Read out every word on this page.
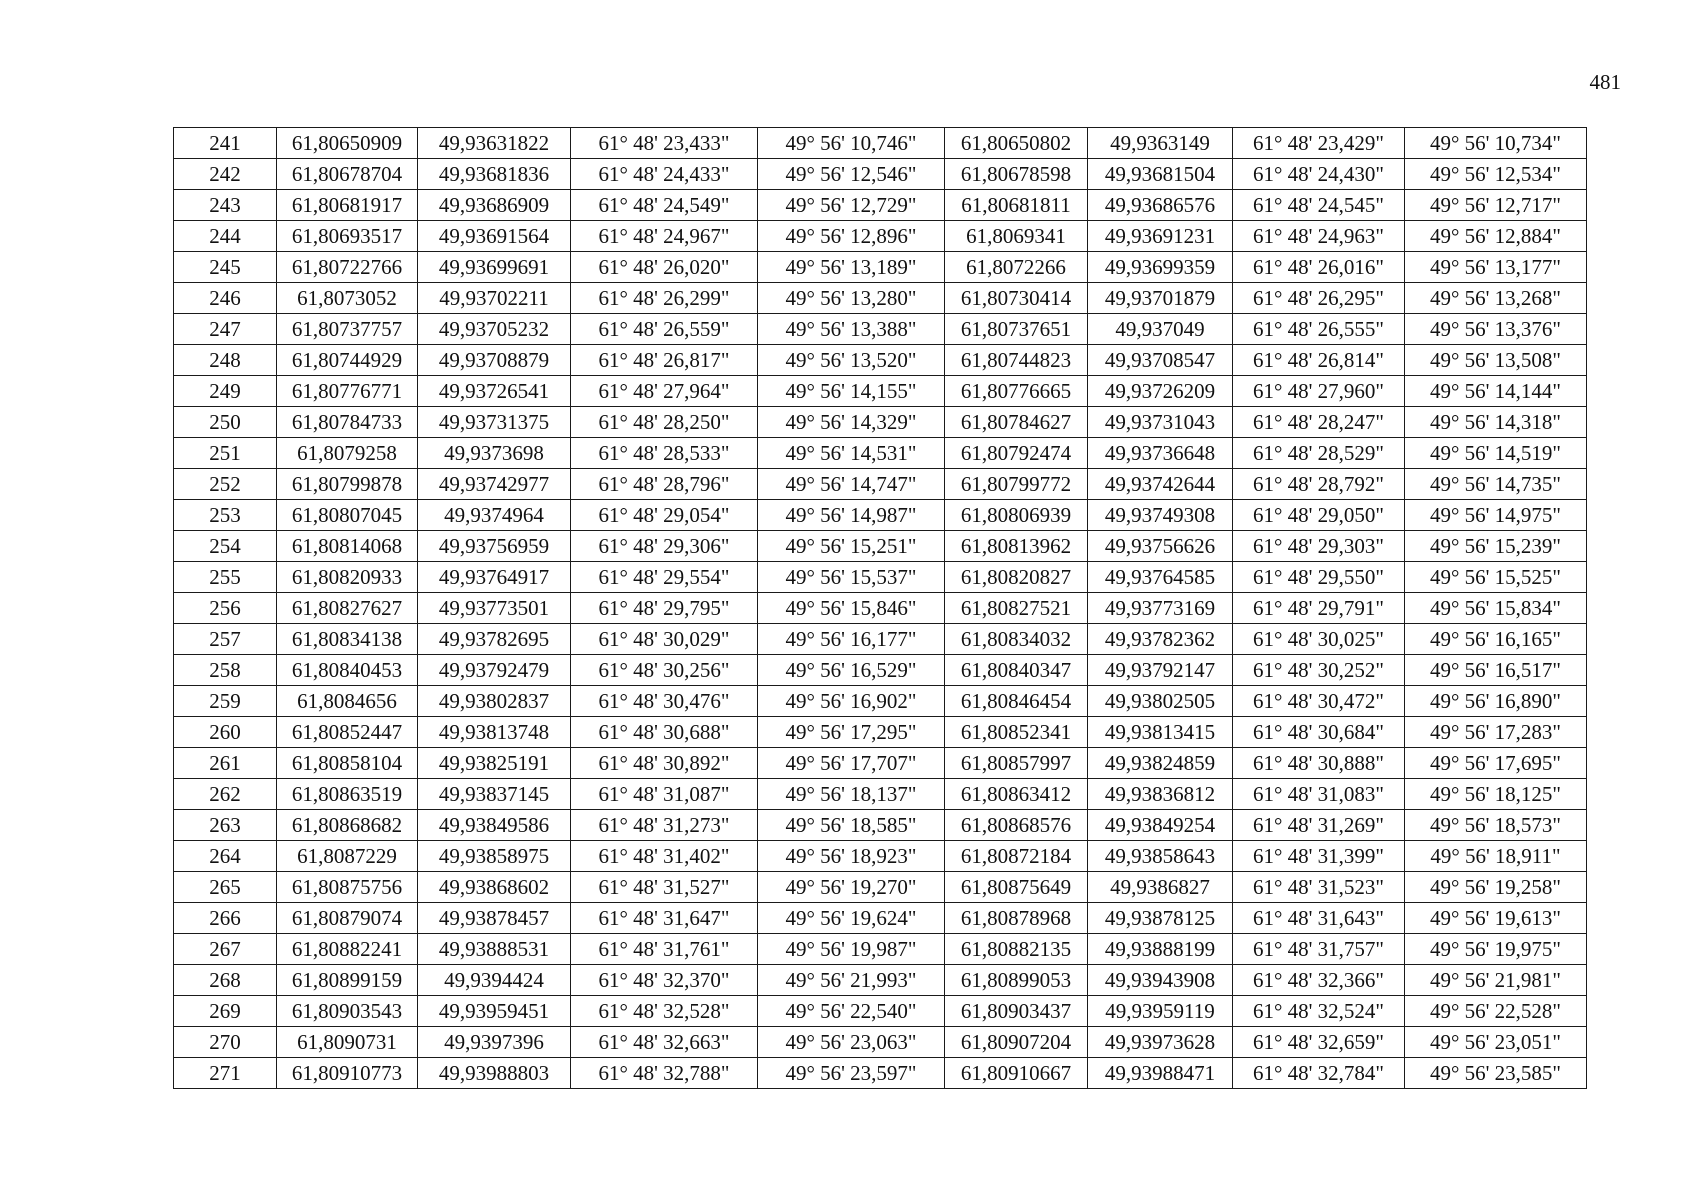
481
241	61,80650909	49,93631822	61° 48' 23,433"	49° 56' 10,746"	61,80650802	49,9363149	61° 48' 23,429"	49° 56' 10,734"
242	61,80678704	49,93681836	61° 48' 24,433"	49° 56' 12,546"	61,80678598	49,93681504	61° 48' 24,430"	49° 56' 12,534"
243	61,80681917	49,93686909	61° 48' 24,549"	49° 56' 12,729"	61,80681811	49,93686576	61° 48' 24,545"	49° 56' 12,717"
244	61,80693517	49,93691564	61° 48' 24,967"	49° 56' 12,896"	61,8069341	49,93691231	61° 48' 24,963"	49° 56' 12,884"
245	61,80722766	49,93699691	61° 48' 26,020"	49° 56' 13,189"	61,8072266	49,93699359	61° 48' 26,016"	49° 56' 13,177"
246	61,8073052	49,93702211	61° 48' 26,299"	49° 56' 13,280"	61,80730414	49,93701879	61° 48' 26,295"	49° 56' 13,268"
247	61,80737757	49,93705232	61° 48' 26,559"	49° 56' 13,388"	61,80737651	49,937049	61° 48' 26,555"	49° 56' 13,376"
248	61,80744929	49,93708879	61° 48' 26,817"	49° 56' 13,520"	61,80744823	49,93708547	61° 48' 26,814"	49° 56' 13,508"
249	61,80776771	49,93726541	61° 48' 27,964"	49° 56' 14,155"	61,80776665	49,93726209	61° 48' 27,960"	49° 56' 14,144"
250	61,80784733	49,93731375	61° 48' 28,250"	49° 56' 14,329"	61,80784627	49,93731043	61° 48' 28,247"	49° 56' 14,318"
251	61,8079258	49,9373698	61° 48' 28,533"	49° 56' 14,531"	61,80792474	49,93736648	61° 48' 28,529"	49° 56' 14,519"
252	61,80799878	49,93742977	61° 48' 28,796"	49° 56' 14,747"	61,80799772	49,93742644	61° 48' 28,792"	49° 56' 14,735"
253	61,80807045	49,9374964	61° 48' 29,054"	49° 56' 14,987"	61,80806939	49,93749308	61° 48' 29,050"	49° 56' 14,975"
254	61,80814068	49,93756959	61° 48' 29,306"	49° 56' 15,251"	61,80813962	49,93756626	61° 48' 29,303"	49° 56' 15,239"
255	61,80820933	49,93764917	61° 48' 29,554"	49° 56' 15,537"	61,80820827	49,93764585	61° 48' 29,550"	49° 56' 15,525"
256	61,80827627	49,93773501	61° 48' 29,795"	49° 56' 15,846"	61,80827521	49,93773169	61° 48' 29,791"	49° 56' 15,834"
257	61,80834138	49,93782695	61° 48' 30,029"	49° 56' 16,177"	61,80834032	49,93782362	61° 48' 30,025"	49° 56' 16,165"
258	61,80840453	49,93792479	61° 48' 30,256"	49° 56' 16,529"	61,80840347	49,93792147	61° 48' 30,252"	49° 56' 16,517"
259	61,8084656	49,93802837	61° 48' 30,476"	49° 56' 16,902"	61,80846454	49,93802505	61° 48' 30,472"	49° 56' 16,890"
260	61,80852447	49,93813748	61° 48' 30,688"	49° 56' 17,295"	61,80852341	49,93813415	61° 48' 30,684"	49° 56' 17,283"
261	61,80858104	49,93825191	61° 48' 30,892"	49° 56' 17,707"	61,80857997	49,93824859	61° 48' 30,888"	49° 56' 17,695"
262	61,80863519	49,93837145	61° 48' 31,087"	49° 56' 18,137"	61,80863412	49,93836812	61° 48' 31,083"	49° 56' 18,125"
263	61,80868682	49,93849586	61° 48' 31,273"	49° 56' 18,585"	61,80868576	49,93849254	61° 48' 31,269"	49° 56' 18,573"
264	61,8087229	49,93858975	61° 48' 31,402"	49° 56' 18,923"	61,80872184	49,93858643	61° 48' 31,399"	49° 56' 18,911"
265	61,80875756	49,93868602	61° 48' 31,527"	49° 56' 19,270"	61,80875649	49,9386827	61° 48' 31,523"	49° 56' 19,258"
266	61,80879074	49,93878457	61° 48' 31,647"	49° 56' 19,624"	61,80878968	49,93878125	61° 48' 31,643"	49° 56' 19,613"
267	61,80882241	49,93888531	61° 48' 31,761"	49° 56' 19,987"	61,80882135	49,93888199	61° 48' 31,757"	49° 56' 19,975"
268	61,80899159	49,9394424	61° 48' 32,370"	49° 56' 21,993"	61,80899053	49,93943908	61° 48' 32,366"	49° 56' 21,981"
269	61,80903543	49,93959451	61° 48' 32,528"	49° 56' 22,540"	61,80903437	49,93959119	61° 48' 32,524"	49° 56' 22,528"
270	61,8090731	49,9397396	61° 48' 32,663"	49° 56' 23,063"	61,80907204	49,93973628	61° 48' 32,659"	49° 56' 23,051"
271	61,80910773	49,93988803	61° 48' 32,788"	49° 56' 23,597"	61,80910667	49,93988471	61° 48' 32,784"	49° 56' 23,585"
